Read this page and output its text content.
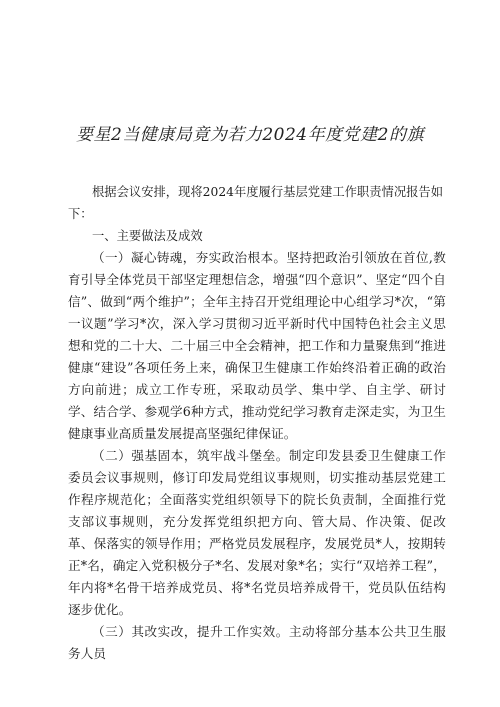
要星2当健康局竟为若力2024年度党建2的旗

根据会议安排，现将2024年度履行基层党建工作职责情况报告如下：

一、主要做法及成效

（一）凝心铸魂，夯实政治根本。坚持把政治引领放在首位,教育引导全体党员干部坚定理想信念，增强“四个意识”、坚定“四个自信”、做到“两个维护”；全年主持召开党组理论中心组学习*次，“第一议题”学习*次，深入学习贯彻习近平新时代中国特色社会主义思想和党的二十大、二十届三中全会精神，把工作和力量聚焦到“推进健康“建设”各项任务上来，确保卫生健康工作始终沿着正确的政治方向前进；成立工作专班，采取动员学、集中学、自主学、研讨学、结合学、参观学6种方式，推动党纪学习教育走深走实，为卫生健康事业高质量发展提高坚强纪律保证。

（二）强基固本，筑牢战斗堡垒。制定印发县委卫生健康工作委员会议事规则，修订印发局党组议事规则，切实推动基层党建工作程序规范化；全面落实党组织领导下的院长负责制，全面推行党支部议事规则，充分发挥党组织把方向、管大局、作决策、促改革、保落实的领导作用；严格党员发展程序，发展党员*人，按期转正*名，确定入党积极分子*名、发展对象*名；实行“双培养工程”，年内将*名骨干培养成党员、将*名党员培养成骨干，党员队伍结构逐步优化。

（三）其改实改，提升工作实效。主动将部分基本公共卫生服务人员
